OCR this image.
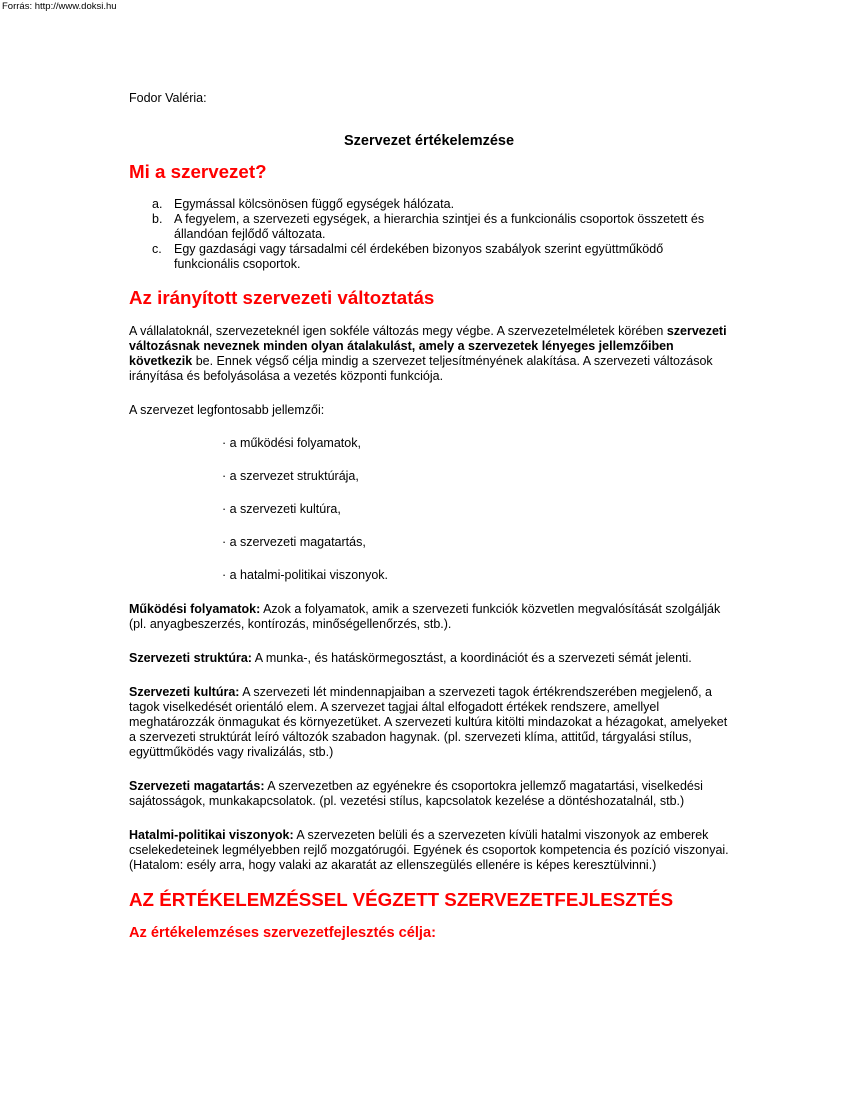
Forrás: http://www.doksi.hu

Fodor Valéria:

Szervezet értékelemzése
Mi a szervezet?
a. Egymással kölcsönösen függő egységek hálózata.
b. A fegyelem, a szervezeti egységek, a hierarchia szintjei és a funkcionális csoportok összetett és állandóan fejlődő változata.
c. Egy gazdasági vagy társadalmi cél érdekében bizonyos szabályok szerint együttműködő funkcionális csoportok.
Az irányított szervezeti változtatás

A vállalatoknál, szervezeteknél igen sokféle változás megy végbe. A szervezetelméletek körében szervezeti változásnak neveznek minden olyan átalakulást, amely a szervezetek lényeges jellemzőiben következik be. Ennek végső célja mindig a szervezet teljesítményének alakítása. A szervezeti változások irányítása és befolyásolása a vezetés központi funkciója.

A szervezet legfontosabb jellemzői:

· a működési folyamatok,
· a szervezet struktúrája,
· a szervezeti kultúra,
· a szervezeti magatartás,
· a hatalmi-politikai viszonyok.

Működési folyamatok: Azok a folyamatok, amik a szervezeti funkciók közvetlen megvalósítását szolgálják (pl. anyagbeszerzés, kontírozás, minőségellenőrzés, stb.).

Szervezeti struktúra: A munka-, és hatáskörmegosztást, a koordinációt és a szervezeti sémát jelenti.

Szervezeti kultúra: A szervezeti lét mindennapjaiban a szervezeti tagok értékrendszerében megjelenő, a tagok viselkedését orientáló elem. A szervezet tagjai által elfogadott értékek rendszere, amellyel meghatározzák önmagukat és környezetüket. A szervezeti kultúra kitölti mindazokat a hézagokat, amelyeket a szervezeti struktúrát leíró változók szabadon hagynak. (pl. szervezeti klíma, attitűd, tárgyalási stílus, együttműködés vagy rivalizálás, stb.)

Szervezeti magatartás: A szervezetben az egyénekre és csoportokra jellemző magatartási, viselkedési sajátosságok, munkakapcsolatok. (pl. vezetési stílus, kapcsolatok kezelése a döntéshozatalnál, stb.)

Hatalmi-politikai viszonyok: A szervezeten belüli és a szervezeten kívüli hatalmi viszonyok az emberek cselekedeteinek legmélyebben rejlő mozgatórugói. Egyének és csoportok kompetencia és pozíció viszonyai. (Hatalom: esély arra, hogy valaki az akaratát az ellenszegülés ellenére is képes keresztülvinni.)

AZ ÉRTÉKELEMZÉSSEL VÉGZETT SZERVEZETFEJLESZTÉS
Az értékelemzéses szervezetfejlesztés célja:
